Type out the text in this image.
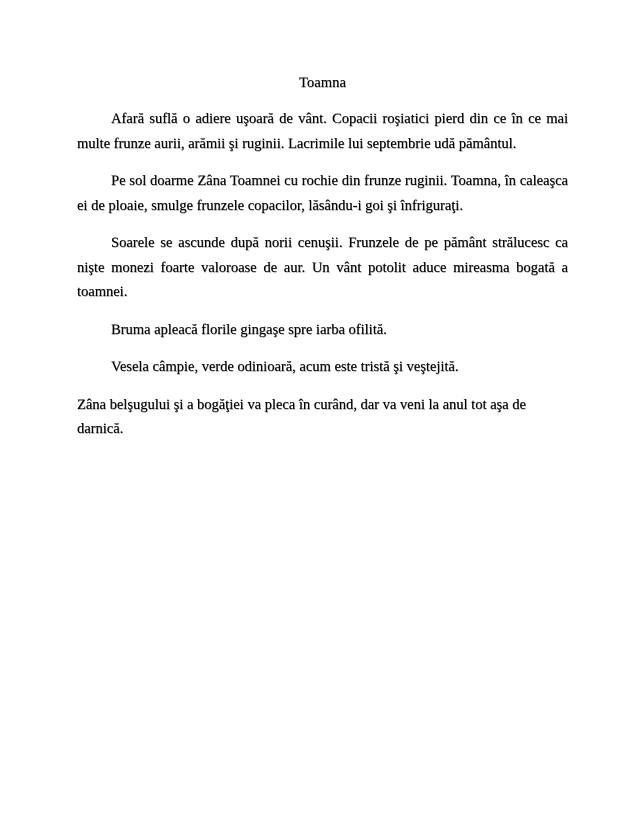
Toamna

Afară suflă o adiere uşoară de vânt. Copacii roşiatici pierd din ce în ce mai multe frunze aurii, arămii şi ruginii. Lacrimile lui septembrie udă pământul.

Pe sol doarme Zâna Toamnei cu rochie din frunze ruginii. Toamna, în caleaşca ei de ploaie, smulge frunzele copacilor, lăsându-i goi şi înfriguraţi.

Soarele se ascunde după norii cenuşii. Frunzele de pe pământ strălucesc ca nişte monezi foarte valoroase de aur. Un vânt potolit aduce mireasma bogată a toamnei.

Bruma apleacă florile gingaşe spre iarba ofilită.

Vesela câmpie, verde odinioară, acum este tristă şi veştejită.

Zâna belşugului şi a bogăţiei va pleca în curând, dar va veni la anul tot aşa de darnică.
